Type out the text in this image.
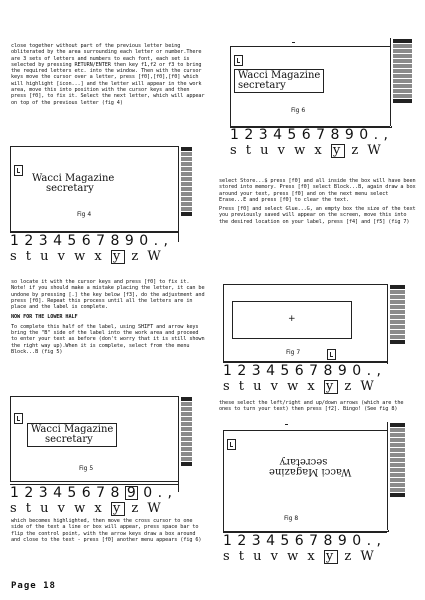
close together without part of the previous letter being obliterated by the area surrounding each letter or number.There are 3 sets of letters and numbers to each font, each set is selected by pressing RETURN/ENTER then key f1,f2 or f3 to bring the required letters etc. into the window. Then with the cursor keys move the cursor over a letter, press [f0],[f0],[f0] which will highlight [icon...] and the letter will appear in the work area, move this into position with the cursor keys and then press [f0], to fix it. Select the next letter, which will appear on top of the previous letter (fig 4)

Wacci Magazine
secretary
Fig 4
1 2 3 4 5 6 7 8 9 0 . ,
s t u v w x y z W

so locate it with the cursor keys and press [f0] to fix it. Note! if you should make a mistake placing the letter, it can be undone by pressing [.] the key below [f3], do the adjustment and press [f0]. Repeat this process until all the letters are in place and the label is complete.

NOW FOR THE LOWER HALF

To complete this half of the label, using SHIFT and arrow keys bring the "B" side of the label into the work area and proceed to enter your text as before (don't worry that it is still shown the right way up).When it is complete, select from the menu Block...B (fig 5)

Wacci Magazine
secretary
Fig 5
1 2 3 4 5 6 7 8 9 0 . ,
s t u v w x y z W

which becomes highlighted, then move the cross cursor to one side of the text a line or box will appear, press space bar to flip the control point, with the arrow keys draw a box around and close to the text - press [f0] another menu appears (fig 6)

Wacci Magazine
secretary
Fig 6
1 2 3 4 5 6 7 8 9 0 . ,
s t u v w x y z W

select Store...$ press [f0] and all inside the box will have been stored into memory. Press [f0] select Block...B, again draw a box around your text, press [f0] and on the next menu select Erase...E and press [f0] to clear the text.

Press [f0] and select Glue...G, an empty box the size of the text you previously saved will appear on the screen, move this into the desired location on your label, press [f4] and [f5] (fig 7)

+
Fig 7
1 2 3 4 5 6 7 8 9 0 . ,
s t u v w x y z W

these select the left/right and up/down arrows (which are the ones to turn your text) then press [f2]. Bingo! (See fig 8)

Wacci Magazine
secretary
Fig 8
1 2 3 4 5 6 7 8 9 0 . ,
s t u v w x y z W
Page 18
